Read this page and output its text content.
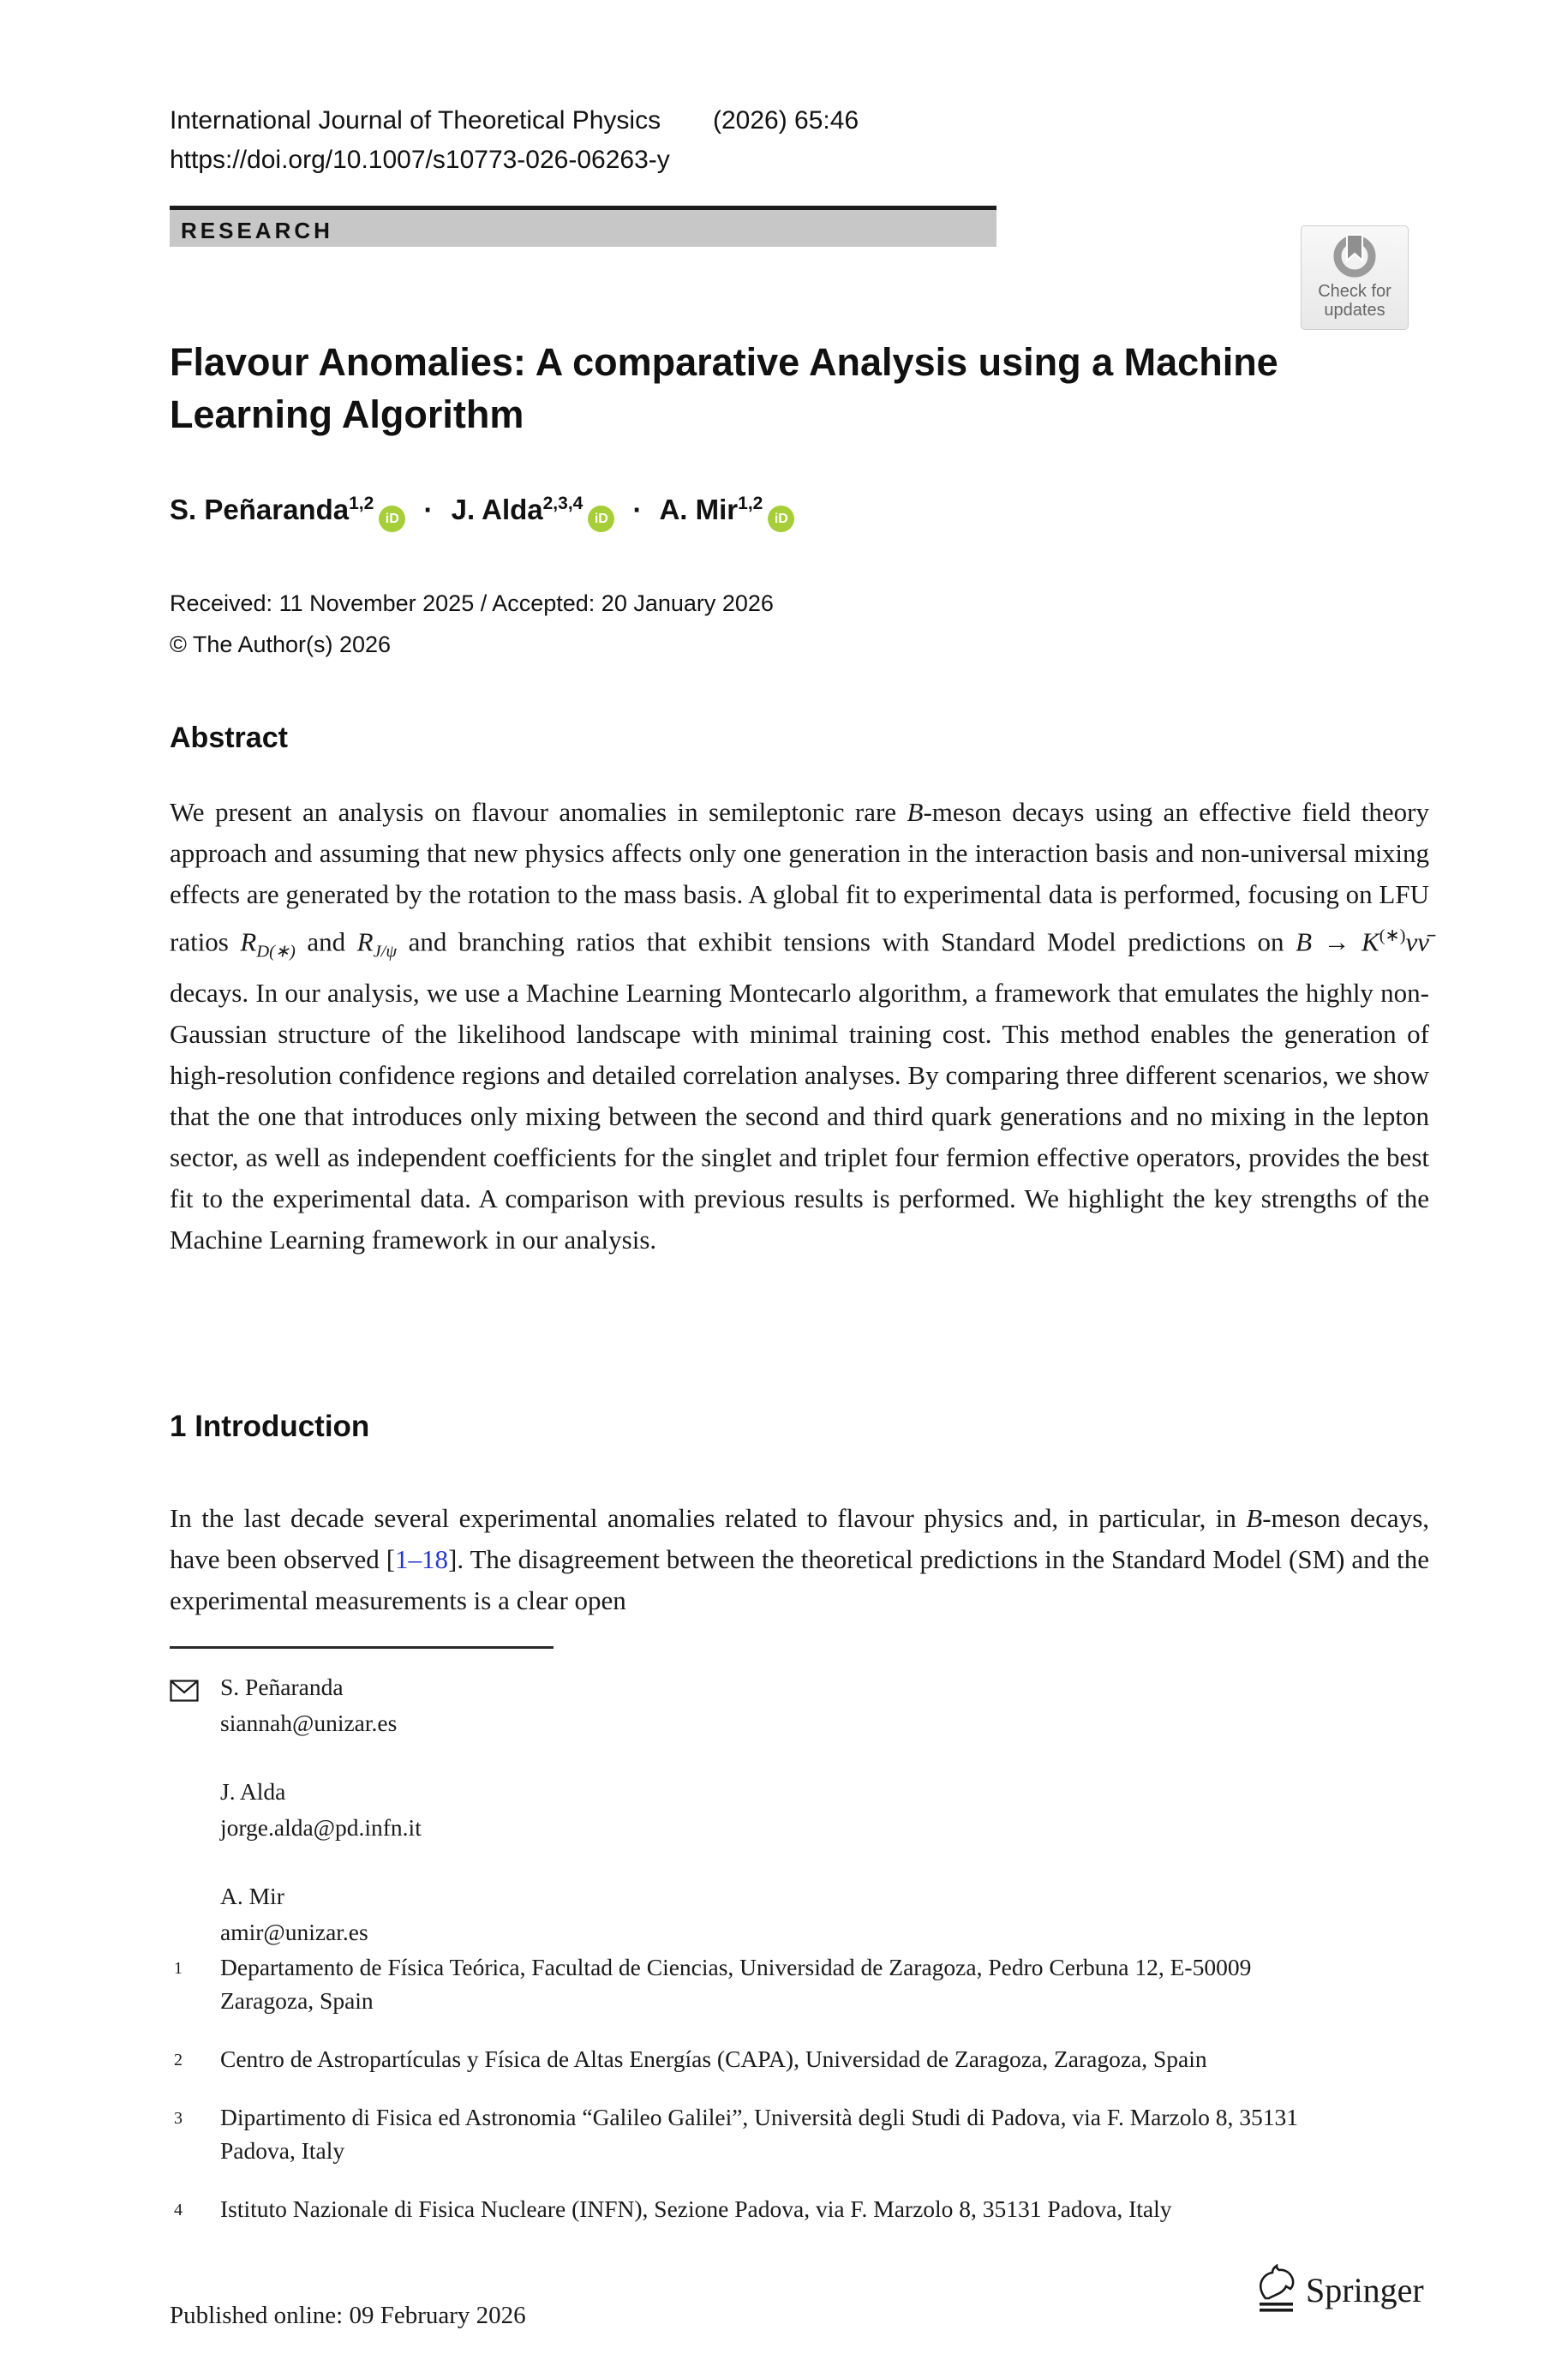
International Journal of Theoretical Physics (2026) 65:46
https://doi.org/10.1007/s10773-026-06263-y
RESEARCH
Check for
updates
Flavour Anomalies: A comparative Analysis using a Machine Learning Algorithm
S. Peñaranda$^{1,2}$iD · J. Alda$^{2,3,4}$iD · A. Mir$^{1,2}$iD
Received: 11 November 2025 / Accepted: 20 January 2026
© The Author(s) 2026
Abstract
We present an analysis on flavour anomalies in semileptonic rare B-meson decays using an effective field theory approach and assuming that new physics affects only one generation in the interaction basis and non-universal mixing effects are generated by the rotation to the mass basis. A global fit to experimental data is performed, focusing on LFU ratios $R_{D(∗)}$ and $R_{J/\psi}$ and branching ratios that exhibit tensions with Standard Model predictions on B → K(∗)νν̄ decays. In our analysis, we use a Machine Learning Montecarlo algorithm, a framework that emulates the highly non-Gaussian structure of the likelihood landscape with minimal training cost. This method enables the generation of high-resolution confidence regions and detailed correlation analyses. By comparing three different scenarios, we show that the one that introduces only mixing between the second and third quark generations and no mixing in the lepton sector, as well as independent coefficients for the singlet and triplet four fermion effective operators, provides the best fit to the experimental data. A comparison with previous results is performed. We highlight the key strengths of the Machine Learning framework in our analysis.
1 Introduction
In the last decade several experimental anomalies related to flavour physics and, in particular, in B-meson decays, have been observed [1–18]. The disagreement between the theoretical predictions in the Standard Model (SM) and the experimental measurements is a clear open
S. Peñaranda
siannah@unizar.es
J. Alda
jorge.alda@pd.infn.it
A. Mir
amir@unizar.es
1 Departamento de Física Teórica, Facultad de Ciencias, Universidad de Zaragoza, Pedro Cerbuna 12, E-50009 Zaragoza, Spain
2 Centro de Astropartículas y Física de Altas Energías (CAPA), Universidad de Zaragoza, Zaragoza, Spain
3 Dipartimento di Fisica ed Astronomia “Galileo Galilei”, Università degli Studi di Padova, via F. Marzolo 8, 35131 Padova, Italy
4 Istituto Nazionale di Fisica Nucleare (INFN), Sezione Padova, via F. Marzolo 8, 35131 Padova, Italy
Published online: 09 February 2026
Springer
